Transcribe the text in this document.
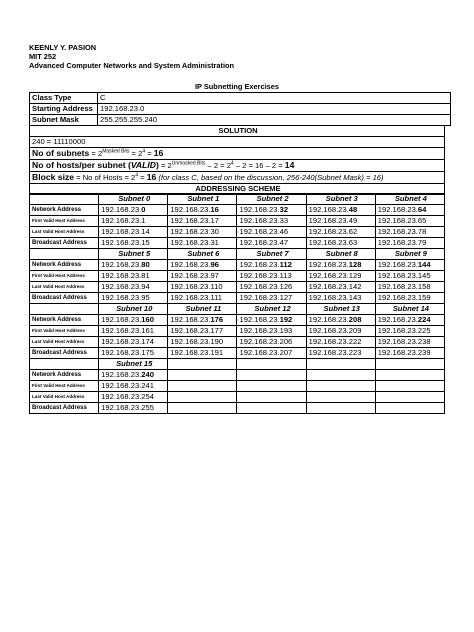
KEENLY Y. PASION
MIT 252
Advanced Computer Networks and System Administration
IP Subnetting Exercises
Class Type	C
Starting Address	192.168.23.0
Subnet Mask	255.255.255.240
SOLUTION
240 = 11110000
No of subnets = $2^{Masked Bits} = 2^4 = 16$
No of hosts/per subnet (VALID) = $2^{Unmasked Bits} - 2 = 2^4 - 2 = 16 - 2 = 14$
Block size = No of Hosts = $2^4 = 16$ (for class C, based on the discussion, 256-240(Subnet Mask) = 16)
ADDRESSING SCHEME
	Subnet 0	Subnet 1	Subnet 2	Subnet 3	Subnet 4
Network Address	192.168.23.0	192.168.23.16	192.168.23.32	192.168.23.48	192.168.23.64
First Valid Host Address	192.168.23.1	192.168.23.17	192.168.23.33	192.168.23.49	192.168.23.65
Last Valid Host Address	192.168.23.14	192.168.23.30	192.168.23.46	192.168.23.62	192.168.23.78
Broadcast Address	192.168.23.15	192.168.23.31	192.168.23.47	192.168.23.63	192.168.23.79
	Subnet 5	Subnet 6	Subnet 7	Subnet 8	Subnet 9
Network Address	192.168.23.80	192.168.23.96	192.168.23.112	192.168.23.128	192.168.23.144
First Valid Host Address	192.168.23.81	192.168.23.97	192.168.23.113	192.168.23.129	192.168.23.145
Last Valid Host Address	192.168.23.94	192.168.23.110	192.168.23.126	192.168.23.142	192.168.23.158
Broadcast Address	192.168.23.95	192.168.23.111	192.168.23.127	192.168.23.143	192.168.23.159
	Subnet 10	Subnet 11	Subnet 12	Subnet 13	Subnet 14
Network Address	192.168.23.160	192.168.23.176	192.168.23.192	192.168.23.208	192.168.23.224
First Valid Host Address	192.168.23.161	192.168.23.177	192.168.23.193	192.168.23.209	192.168.23.225
Last Valid Host Address	192.168.23.174	192.168.23.190	192.168.23.206	192.168.23.222	192.168.23.238
Broadcast Address	192.168.23.175	192.168.23.191	192.168.23.207	192.168.23.223	192.168.23.239
	Subnet 15				
Network Address	192.168.23.240				
First Valid Host Address	192.168.23.241				
Last Valid Host Address	192.168.23.254				
Broadcast Address	192.168.23.255				
